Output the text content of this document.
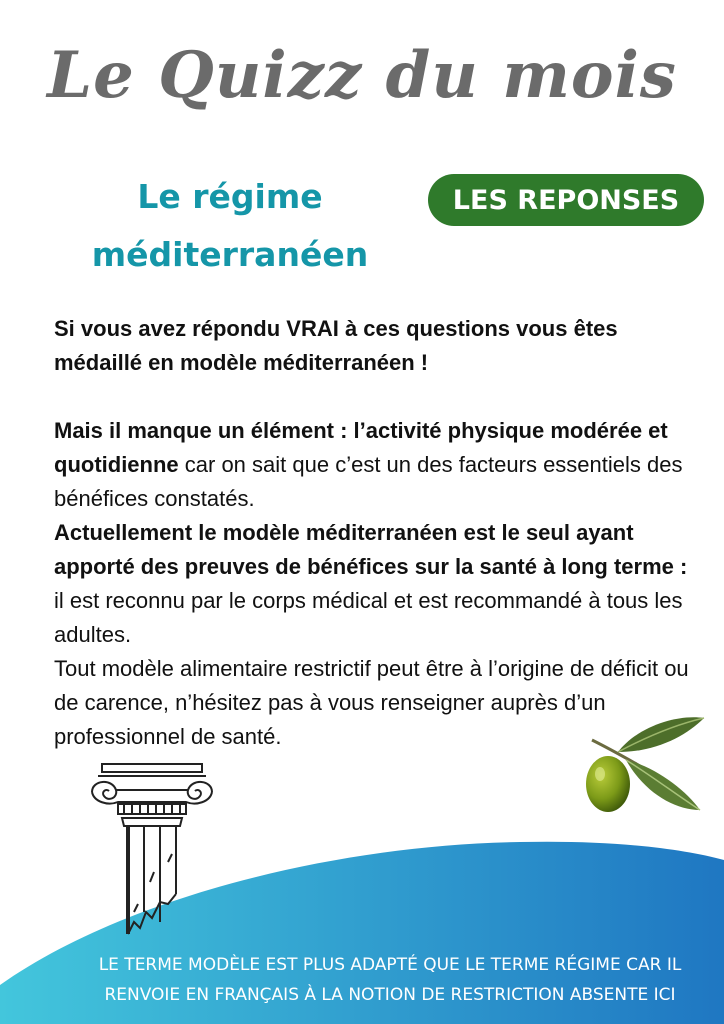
Le Quizz du mois
Le régime
méditerranéen
LES REPONSES

Si vous avez répondu VRAI à ces questions vous êtes médaillé en modèle méditerranéen !

Mais il manque un élément : l’activité physique modérée et quotidienne car on sait que c’est un des facteurs essentiels des bénéfices constatés.

Actuellement le modèle méditerranéen est le seul ayant apporté des preuves de bénéfices sur la santé à long terme : il est reconnu par le corps médical et est recommandé à tous les adultes.

Tout modèle alimentaire restrictif peut être à l’origine de déficit ou de carence, n’hésitez pas à vous renseigner auprès d’un professionnel de santé.

LE TERME MODÈLE EST PLUS ADAPTÉ QUE LE TERME RÉGIME CAR IL
RENVOIE EN FRANÇAIS À LA NOTION DE RESTRICTION ABSENTE ICI
